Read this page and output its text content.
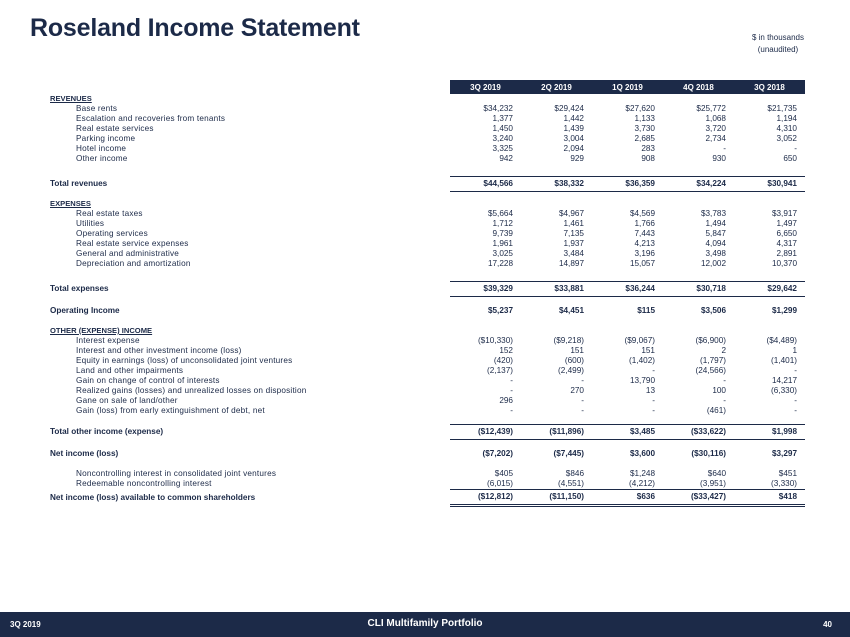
Roseland Income Statement	$ in thousands
(unaudited)
	3Q 2019	2Q 2019	1Q 2019	4Q 2018	3Q 2018
REVENUES					
Base rents	$34,232	$29,424	$27,620	$25,772	$21,735
Escalation and recoveries from tenants	1,377	1,442	1,133	1,068	1,194
Real estate services	1,450	1,439	3,730	3,720	4,310
Parking income	3,240	3,004	2,685	2,734	3,052
Hotel income	3,325	2,094	283	-	-
Other income	942	929	908	930	650

Total revenues	$44,566	$38,332	$36,359	$34,224	$30,941

EXPENSES					
Real estate taxes	$5,664	$4,967	$4,569	$3,783	$3,917
Utilities	1,712	1,461	1,766	1,494	1,497
Operating services	9,739	7,135	7,443	5,847	6,650
Real estate service expenses	1,961	1,937	4,213	4,094	4,317
General and administrative	3,025	3,484	3,196	3,498	2,891
Depreciation and amortization	17,228	14,897	15,057	12,002	10,370

Total expenses	$39,329	$33,881	$36,244	$30,718	$29,642

Operating Income	$5,237	$4,451	$115	$3,506	$1,299

OTHER (EXPENSE) INCOME					
Interest expense	($10,330)	($9,218)	($9,067)	($6,900)	($4,489)
Interest and other investment income (loss)	152	151	151	2	1
Equity in earnings (loss) of unconsolidated joint ventures	(420)	(600)	(1,402)	(1,797)	(1,401)
Land and other impairments	(2,137)	(2,499)	-	(24,566)	-
Gain on change of control of interests	-	-	13,790	-	14,217
Realized gains (losses) and unrealized losses on disposition	-	270	13	100	(6,330)
Gane on sale of land/other	296	-	-	-	-
Gain (loss) from early extinguishment of debt, net	-	-	-	(461)	-

Total other income (expense)	($12,439)	($11,896)	$3,485	($33,622)	$1,998

Net income (loss)	($7,202)	($7,445)	$3,600	($30,116)	$3,297

Noncontrolling interest in consolidated joint ventures	$405	$846	$1,248	$640	$451
Redeemable noncontrolling interest	(6,015)	(4,551)	(4,212)	(3,951)	(3,330)
Net income (loss) available to common shareholders	($12,812)	($11,150)	$636	($33,427)	$418
3Q 2019	CLI Multifamily Portfolio	40
